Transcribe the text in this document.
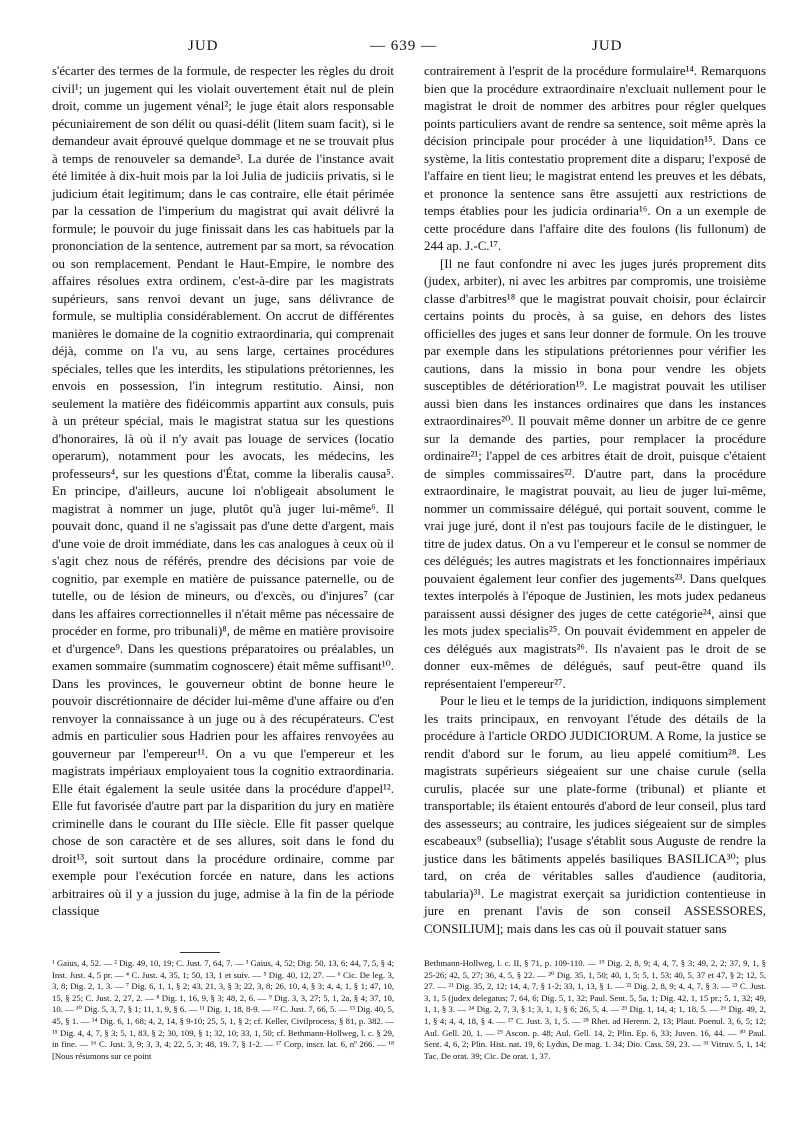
JUD	— 639 —	JUD

s'écarter des termes de la formule, de respecter les règles du droit civil¹; un jugement qui les violait ouvertement était nul de plein droit, comme un jugement vénal²; le juge était alors responsable pécuniairement de son délit ou quasi-délit (litem suam facit), si le demandeur avait éprouvé quelque dommage et ne se trouvait plus à temps de renouveler sa demande³. La durée de l'instance avait été limitée à dix-huit mois par la loi Julia de judiciis privatis, si le judicium était legitimum; dans le cas contraire, elle était périmée par la cessation de l'imperium du magistrat qui avait délivré la formule; le pouvoir du juge finissait dans les cas habituels par la prononciation de la sentence, autrement par sa mort, sa révocation ou son remplacement. Pendant le Haut-Empire, le nombre des affaires résolues extra ordinem, c'est-à-dire par les magistrats supérieurs, sans renvoi devant un juge, sans délivrance de formule, se multiplia considérablement. On accrut de différentes manières le domaine de la cognitio extraordinaria, qui comprenait déjà, comme on l'a vu, au sens large, certaines procédures spéciales, telles que les interdits, les stipulations prétoriennes, les envois en possession, l'in integrum restitutio. Ainsi, non seulement la matière des fidéicommis appartint aux consuls, puis à un préteur spécial, mais le magistrat statua sur les questions d'honoraires, là où il n'y avait pas louage de services (locatio operarum), notamment pour les avocats, les médecins, les professeurs⁴, sur les questions d'État, comme la liberalis causa⁵. En principe, d'ailleurs, aucune loi n'obligeait absolument le magistrat à nommer un juge, plutôt qu'à juger lui-même⁶. Il pouvait donc, quand il ne s'agissait pas d'une dette d'argent, mais d'une voie de droit immédiate, dans les cas analogues à ceux où il s'agit chez nous de référés, prendre des décisions par voie de cognitio, par exemple en matière de puissance paternelle, ou de tutelle, ou de lésion de mineurs, ou d'excès, ou d'injures⁷ (car dans les affaires correctionnelles il n'était même pas nécessaire de procéder en forme, pro tribunali)⁸, de même en matière provisoire et d'urgence⁹. Dans les questions préparatoires ou préalables, un examen sommaire (summatim cognoscere) était même suffisant¹⁰. Dans les provinces, le gouverneur obtint de bonne heure le pouvoir discrétionnaire de décider lui-même d'une affaire ou d'en renvoyer la connaissance à un juge ou à des récupérateurs. C'est admis en particulier sous Hadrien pour les affaires renvoyées au gouverneur par l'empereur¹¹. On a vu que l'empereur et les magistrats impériaux employaient tous la cognitio extraordinaria. Elle était également la seule usitée dans la procédure d'appel¹². Elle fut favorisée d'autre part par la disparition du jury en matière criminelle dans le courant du IIIe siècle. Elle fit passer quelque chose de son caractère et de ses allures, soit dans le fond du droit¹³, soit surtout dans la procédure ordinaire, comme par exemple pour l'exécution forcée en nature, dans les actions arbitraires où il y a jussion du juge, admise à la fin de la période classique

contrairement à l'esprit de la procédure formulaire¹⁴. Remarquons bien que la procédure extraordinaire n'excluait nullement pour le magistrat le droit de nommer des arbitres pour régler quelques points particuliers avant de rendre sa sentence, soit même après la décision principale pour procéder à une liquidation¹⁵. Dans ce système, la litis contestatio proprement dite a disparu; l'exposé de l'affaire en tient lieu; le magistrat entend les preuves et les débats, et prononce la sentence sans être assujetti aux restrictions de temps établies pour les judicia ordinaria¹⁶. On a un exemple de cette procédure dans l'affaire dite des foulons (lis fullonum) de 244 ap. J.-C.¹⁷.

[Il ne faut confondre ni avec les juges jurés proprement dits (judex, arbiter), ni avec les arbitres par compromis, une troisième classe d'arbitres¹⁸ que le magistrat pouvait choisir, pour éclaircir certains points du procès, à sa guise, en dehors des listes officielles des juges et sans leur donner de formule. On les trouve par exemple dans les stipulations prétoriennes pour vérifier les cautions, dans la missio in bona pour vendre les objets susceptibles de détérioration¹⁹. Le magistrat pouvait les utiliser aussi bien dans les instances ordinaires que dans les instances extraordinaires²⁰. Il pouvait même donner un arbitre de ce genre sur la demande des parties, pour remplacer la procédure ordinaire²¹; l'appel de ces arbitres était de droit, puisque c'étaient de simples commissaires²². D'autre part, dans la procédure extraordinaire, le magistrat pouvait, au lieu de juger lui-même, nommer un commissaire délégué, qui portait souvent, comme le vrai juge juré, dont il n'est pas toujours facile de le distinguer, le titre de judex datus. On a vu l'empereur et le consul se nommer de ces délégués; les autres magistrats et les fonctionnaires impériaux pouvaient également leur confier des jugements²³. Dans quelques textes interpolés à l'époque de Justinien, les mots judex pedaneus paraissent aussi désigner des juges de cette catégorie²⁴, ainsi que les mots judex specialis²⁵. On pouvait évidemment en appeler de ces délégués aux magistrats²⁶. Ils n'avaient pas le droit de se donner eux-mêmes de délégués, sauf peut-être quand ils représentaient l'empereur²⁷.

Pour le lieu et le temps de la juridiction, indiquons simplement les traits principaux, en renvoyant l'étude des détails de la procédure à l'article ORDO JUDICIORUM. A Rome, la justice se rendit d'abord sur le forum, au lieu appelé comitium²⁸. Les magistrats supérieurs siégeaient sur une chaise curule (sella curulis, placée sur une plate-forme (tribunal) et pliante et transportable; ils étaient entourés d'abord de leur conseil, plus tard des assesseurs; au contraire, les judices siégeaient sur de simples escabeaux⁹ (subsellia); l'usage s'établit sous Auguste de rendre la justice dans les bâtiments appelés basiliques BASILICA³⁰; plus tard, on créa de véritables salles d'audience (auditoria, tabularia)³¹. Le magistrat exerçait sa juridiction contentieuse in jure en prenant l'avis de son conseil ASSESSORES, CONSILIUM]; mais dans les cas où il pouvait statuer sans

¹ Gaius, 4, 52. — ² Dig. 49, 10, 19; C. Just. 7, 64, 7. — ³ Gaius, 4, 52; Dig. 50, 13, 6; 44, 7, 5, § 4; Inst. Just. 4, 5 pr. — ⁴ C. Just. 4, 35, 1; 50, 13, 1 et suiv. — ⁵ Dig. 40, 12, 27. — ⁶ Cic. De leg. 3, 3, 8; Dig. 2, 1, 3. — ⁷ Dig. 6, 1, 1, § 2; 43, 21, 3, § 3; 22, 3, 8; 26, 10, 4, § 3; 4, 4, 1, § 1; 47, 10, 15, § 25; C. Just. 2, 27, 2. — ⁸ Dig. 1, 16, 9, § 3; 48, 2, 6. — ⁹ Dig. 3, 3, 27; 5, 1, 2a, § 4; 37, 10, 10. — ¹⁰ Dig. 5, 3, 7, § 1; 11, 1, 9, § 6. — ¹¹ Dig. 1, 18, 8-9. — ¹² C. Just. 7, 66, 5. — ¹³ Dig. 40, 5, 45, § 1. — ¹⁴ Dig. 6, 1, 68; 4, 2, 14, § 9-10; 25, 5, 1, § 2; cf. Keller, Civilprocess, § 81, p. 382. — ¹⁵ Dig. 4, 4, 7, § 3; 5, 1, 83, § 2; 30, 109, § 1; 32, 10; 33, 1, 50; cf. Bethmann-Hollweg, l. c. § 29, in fine. — ¹⁶ C. Just. 3, 9; 3, 3, 4; 22, 5, 3; 48, 19. 7, § 1-2. — ¹⁷ Corp. inscr. lat. 6, nº 266. — ¹⁸ [Nous résumons sur ce point
Bethmann-Hollweg, l. c. II, § 71, p. 109-110. — ¹⁹ Dig. 2, 8, 9; 4, 4, 7, § 3; 49, 2, 2; 37, 9, 1, § 25-26; 42, 5, 27; 36, 4, 5, § 22. — ²⁰ Dig. 35, 1, 50; 40, 1, 5; 5, 1, 53; 40, 5, 37 et 47, § 2; 12, 5, 27. — ²¹ Dig. 35, 2, 12; 14, 4, 7, § 1-2; 33, 1, 13, § 1. — ²² Dig. 2, 8, 9; 4, 4, 7, § 3. — ²³ C. Just. 3, 1, 5 (judex delegatus; 7, 64, 6; Dig. 5, 1, 32; Paul. Sent. 5, 5a, 1; Dig. 42, 1, 15 pr.; 5, 1, 32; 49, 1, 1, § 3. — ²⁴ Dig. 2, 7, 3, § 1; 3, 1, 1, § 6; 26, 5, 4. — ²⁵ Dig. 1, 14, 4; 1, 18, 5. — ²⁶ Dig. 49, 2, 1, § 4; 4, 4, 18, § 4. — ²⁷ C. Just. 3, 1, 5. — ²⁸ Rhet. ad Herenn. 2, 13; Plaut. Poenul. 3, 6, 5; 12; Aul. Gell. 20, 1. — ²⁹ Ascon. p. 48; Aul. Gell. 14, 2; Plin. Ep. 6, 33; Juven. 16, 44. — ³⁰ Paul. Sent. 4, 6, 2; Plin. Hist. nat. 19, 6; Lydus, De mag. 1. 34; Dio. Cass. 59, 23. — ³¹ Vitruv. 5, 1, 14; Tac. De orat. 39; Cic. De orat. 1, 37.
